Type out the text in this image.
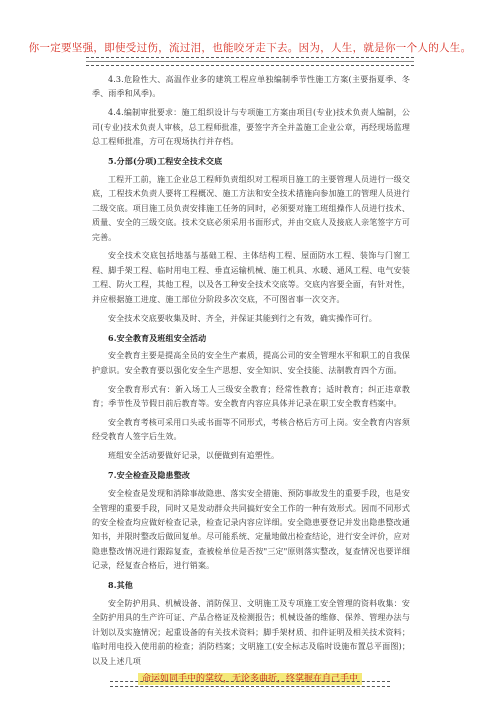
你一定要坚强，即使受过伤，流过泪，也能咬牙走下去。因为，人生，就是你一个人的人生。

4.3.危险性大、高温作业多的建筑工程应单独编制季节性施工方案(主要指夏季、冬季、雨季和风季)。

4.4.编制审批要求：施工组织设计与专项施工方案由项目(专业)技术负责人编制，公司(专业)技术负责人审核，总工程师批准，要签字齐全并盖施工企业公章，再经现场监理总工程师批准，方可在现场执行并存档。

5.分部(分项)工程安全技术交底

工程开工前，施工企业总工程师负责组织对工程项目施工的主要管理人员进行一级交底，工程技术负责人要将工程概况、施工方法和安全技术措施向参加施工的管理人员进行二级交底。项目施工员负责安排施工任务的同时，必须要对施工班组操作人员进行技术、质量、安全的三级交底。技术交底必须采用书面形式，并由交底人及接底人亲笔签字方可完善。

安全技术交底包括地基与基础工程、主体结构工程、屋面防水工程、装饰与门窗工程、脚手架工程、临时用电工程、垂直运输机械、施工机具、水暖、通风工程、电气安装工程、防火工程，其他工程，以及各工种安全技术交底等。交底内容要全面，有针对性，并应根据施工进度、施工部位分阶段多次交底，不可图省事一次交齐。

安全技术交底要收集及时、齐全，并保证其能到行之有效，确实操作可行。

6.安全教育及班组安全活动

安全教育主要是提高全员的安全生产素质，提高公司的安全管理水平和职工的自我保护意识。安全教育要以强化安全生产思想、安全知识、安全技能、法制教育四个方面。

安全教育形式有：新入场工人三级安全教育；经常性教育；适时教育；纠正违章教育；季节性及节假日前后教育等。安全教育内容应具体并记录在职工安全教育档案中。

安全教育考核可采用口头或书面等不同形式，考核合格后方可上岗。安全教育内容须经受教育人签字后生效。

班组安全活动要做好记录，以便做到有追塑性。

7.安全检查及隐患整改

安全检查是发现和消除事故隐患、落实安全措施、预防事故发生的重要手段，也是安全管理的重要手段，同时又是发动群众共同搞好安全工作的一种有效形式。因而不同形式的安全检查均应做好检查记录，检查记录内容应详细。安全隐患要登记并发出隐患整改通知书，并限时整改后做回复单。尽可能系统、定量地做出检查结论，进行安全评价，应对隐患整改情况进行跟踪复查，查被检单位是否按"三定"原则落实整改，复查情况也要详细记录，经复查合格后，进行销案。

8.其他

安全防护用具、机械设备、消防保卫、文明施工及专项施工安全管理的资料收集：安全防护用具的生产许可证、产品合格证及检测报告；机械设备的维修、保养、管理办法与计划以及实施情况；起重设备的有关技术资料；脚手架材质、扣件证明及相关技术资料；临时用电投入使用前的检查；消防档案；文明施工(安全标志及临时设施布置总平面图)；以及上述几项

命运如同手中的掌纹，无论多曲折，终掌握在自己手中
